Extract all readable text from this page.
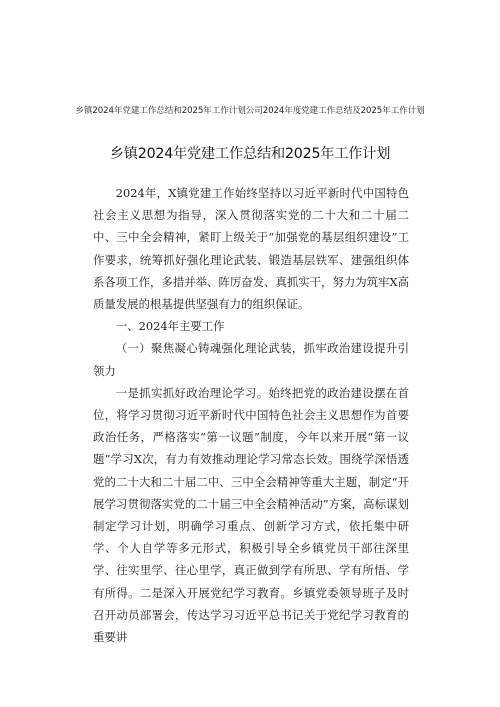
乡镇2024年党建工作总结和2025年工作计划公司2024年度党建工作总结及2025年工作计划
乡镇2024年党建工作总结和2025年工作计划

2024年，X镇党建工作始终坚持以习近平新时代中国特色社会主义思想为指导，深入贯彻落实党的二十大和二十届二中、三中全会精神，紧盯上级关于“加强党的基层组织建设”工作要求，统筹抓好强化理论武装、锻造基层铁军、建强组织体系各项工作，多措并举、阵厉奋发、真抓实干，努力为筑牢X高质量发展的根基提供坚强有力的组织保证。

一、2024年主要工作

（一）聚焦凝心铸魂强化理论武装，抓牢政治建设提升引领力

一是抓实抓好政治理论学习。始终把党的政治建设摆在首位，将学习贯彻习近平新时代中国特色社会主义思想作为首要政治任务，严格落实“第一议题”制度，今年以来开展“第一议题”学习X次，有力有效推动理论学习常态长效。围绕学深悟透党的二十大和二十届二中、三中全会精神等重大主题，制定“开展学习贯彻落实党的二十届三中全会精神活动”方案，高标谋划制定学习计划，明确学习重点、创新学习方式，依托集中研学、个人自学等多元形式，积极引导全乡镇党员干部往深里学、往实里学、往心里学，真正做到学有所思、学有所悟、学有所得。二是深入开展党纪学习教育。乡镇党委领导班子及时召开动员部署会，传达学习习近平总书记关于党纪学习教育的重要讲
